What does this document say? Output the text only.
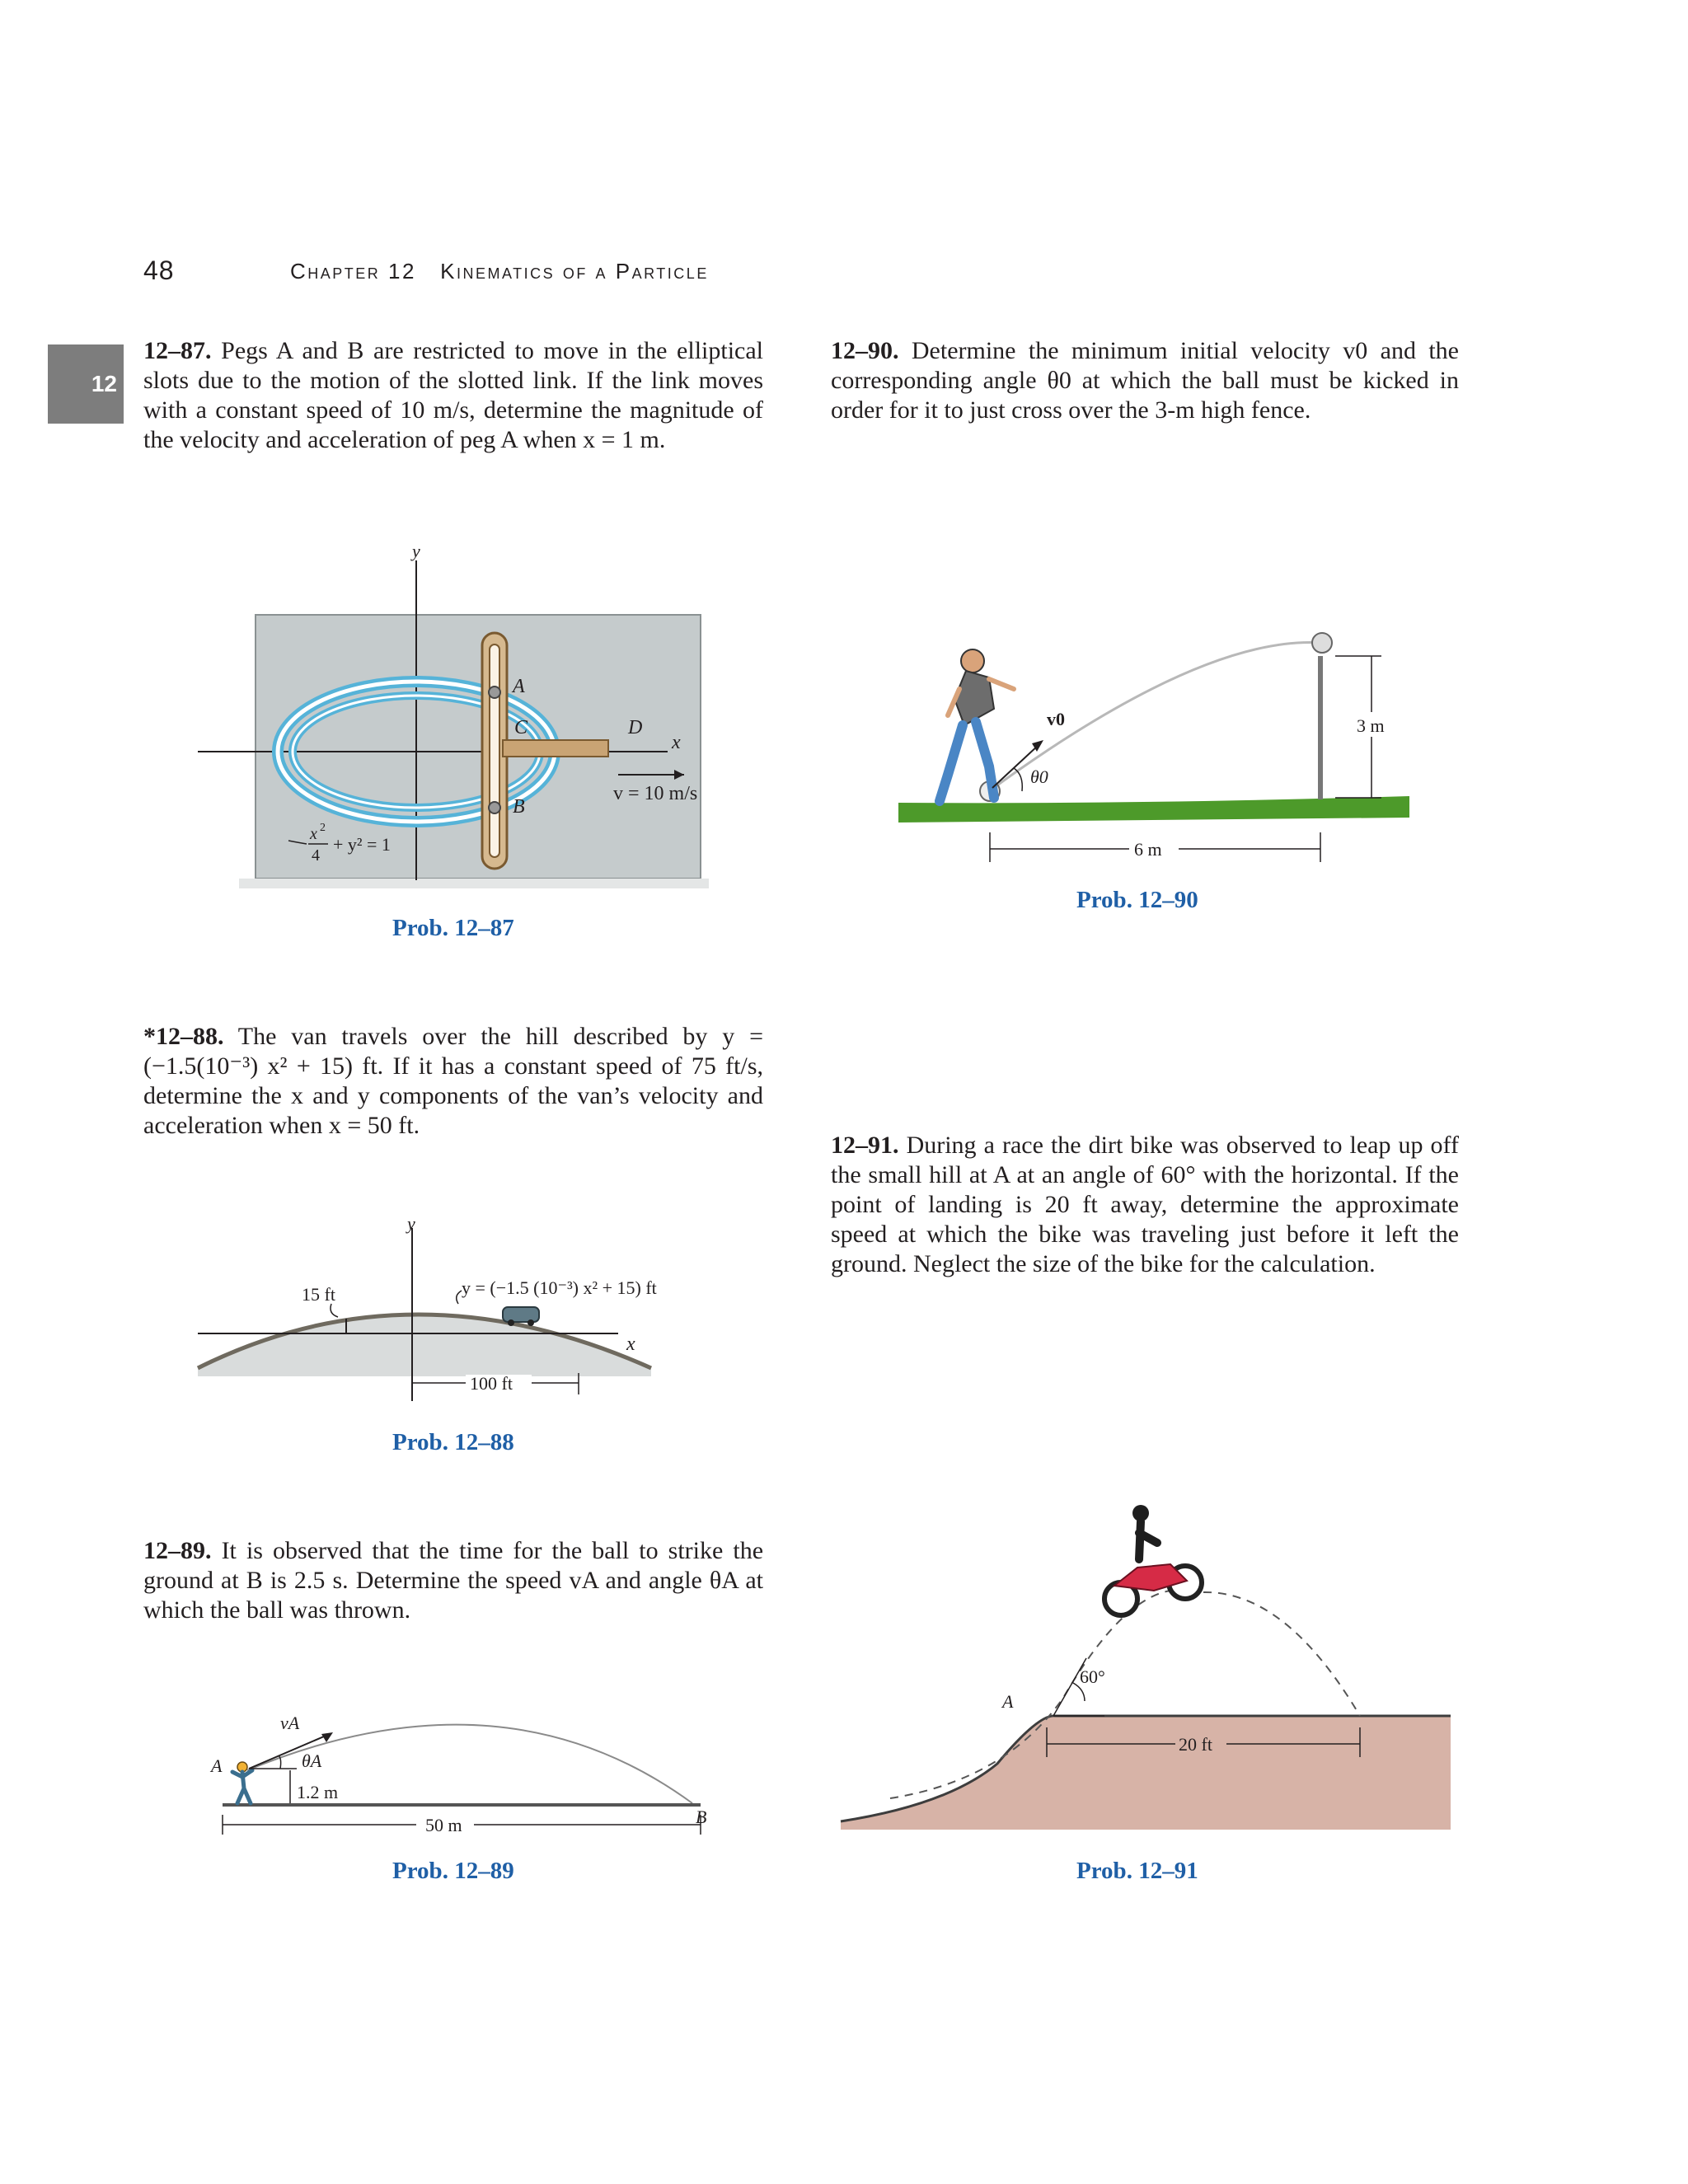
48	Chapter 12   Kinematics of a Particle
12
12–87. Pegs A and B are restricted to move in the elliptical slots due to the motion of the slotted link. If the link moves with a constant speed of 10 m/s, determine the magnitude of the velocity and acceleration of peg A when x = 1 m.
y
x
A
B
C	D
v = 10 m/s
x 2
4
+ y² = 1
Prob. 12–87
*12–88. The van travels over the hill described by y = (−1.5(10⁻³) x² + 15) ft. If it has a constant speed of 75 ft/s, determine the x and y components of the van’s velocity and acceleration when x = 50 ft.
y
x
15 ft	y = (−1.5 (10⁻³) x² + 15) ft
100 ft
Prob. 12–88
12–89. It is observed that the time for the ball to strike the ground at B is 2.5 s. Determine the speed vA and angle θA at which the ball was thrown.
vA
θA
A
B
1.2 m
50 m
Prob. 12–89
12–90. Determine the minimum initial velocity v0 and the corresponding angle θ0 at which the ball must be kicked in order for it to just cross over the 3-m high fence.
v0
θ0
3 m
6 m
Prob. 12–90
12–91. During a race the dirt bike was observed to leap up off the small hill at A at an angle of 60° with the horizontal. If the point of landing is 20 ft away, determine the approximate speed at which the bike was traveling just before it left the ground. Neglect the size of the bike for the calculation.
A
60°
20 ft
Prob. 12–91
